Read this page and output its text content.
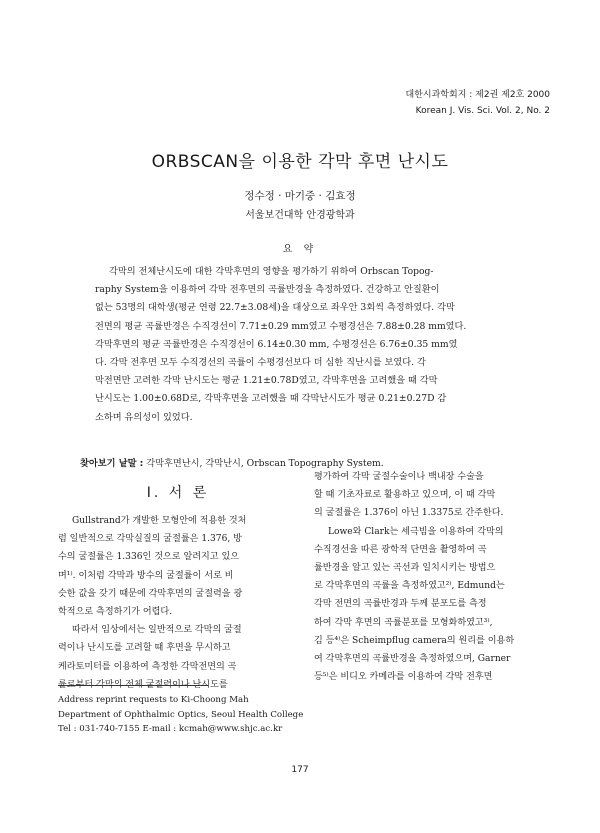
대한시과학회지 : 제2권 제2호 2000
Korean J. Vis. Sci. Vol. 2, No. 2
ORBSCAN을 이용한 각막 후면 난시도
정수정 · 마기중 · 김효정
서울보건대학 안경광학과
요 약
각막의 전체난시도에 대한 각막후면의 영향을 평가하기 위하여 Orbscan Topog-
raphy System을 이용하여 각막 전후면의 곡률반경을 측정하였다. 건강하고 안질환이
없는 53명의 대학생(평균 연령 22.7±3.08세)을 대상으로 좌우안 3회씩 측정하였다. 각막
전면의 평균 곡률반경은 수직경선이 7.71±0.29 mm였고 수평경선은 7.88±0.28 mm였다.
각막후면의 평균 곡률반경은 수직경선이 6.14±0.30 mm, 수평경선은 6.76±0.35 mm였
다. 각막 전후면 모두 수직경선의 곡률이 수평경선보다 더 심한 직난시를 보였다. 각
막전면만 고려한 각막 난시도는 평균 1.21±0.78D였고, 각막후면을 고려했을 때 각막
난시도는 1.00±0.68D로, 각막후면을 고려했을 때 각막난시도가 평균 0.21±0.27D 감
소하며 유의성이 있었다.
찾아보기 낱말 : 각막후면난시, 각막난시, Orbscan Topography System.
I. 서 론
Gullstrand가 개발한 모형안에 적용한 것처
럼 일반적으로 각막실질의 굴절률은 1.376, 방
수의 굴절률은 1.336인 것으로 알려지고 있으
며¹⁾. 이처럼 각막과 방수의 굴절률이 서로 비
슷한 값을 갖기 때문에 각막후면의 굴절력을 광
학적으로 측정하기가 어렵다.
따라서 임상에서는 일반적으로 각막의 굴절
력이나 난시도를 고려할 때 후면을 무시하고
케라토미터를 이용하여 측정한 각막전면의 곡
률로부터 각막의 전체 굴절력이나 난시도를
평가하여 각막 굴절수술이나 백내장 수술을
할 때 기초자료로 활용하고 있으며, 이 때 각막
의 굴절률은 1.376이 아닌 1.3375로 간주한다.
Lowe와 Clark는 세극빔을 이용하여 각막의
수직경선을 따른 광학적 단면을 촬영하여 곡
률반경을 알고 있는 곡선과 일치시키는 방법으
로 각막후면의 곡률을 측정하였고²⁾, Edmund는
각막 전면의 곡률반경과 두께 분포도를 측정
하여 각막 후면의 곡률분포를 모형화하였고³⁾,
김 등⁴⁾은 Scheimpflug camera의 원리를 이용하
여 각막후면의 곡률반경을 측정하였으며, Garner
등⁵⁾은 비디오 카메라를 이용하여 각막 전후면
Address reprint requests to Ki-Choong Mah
Department of Ophthalmic Optics, Seoul Health College
Tel : 031-740-7155 E-mail : kcmah@www.shjc.ac.kr
177
